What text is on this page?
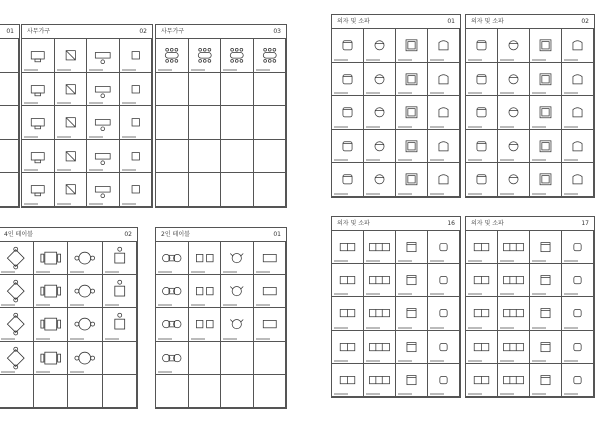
01 사무가구	02 사무가구	03
의자 및 소파	01	의자 및 소파	02
4인 테이블	02	2인 테이블	01
의자 및 소파	16	의자 및 소파	17
